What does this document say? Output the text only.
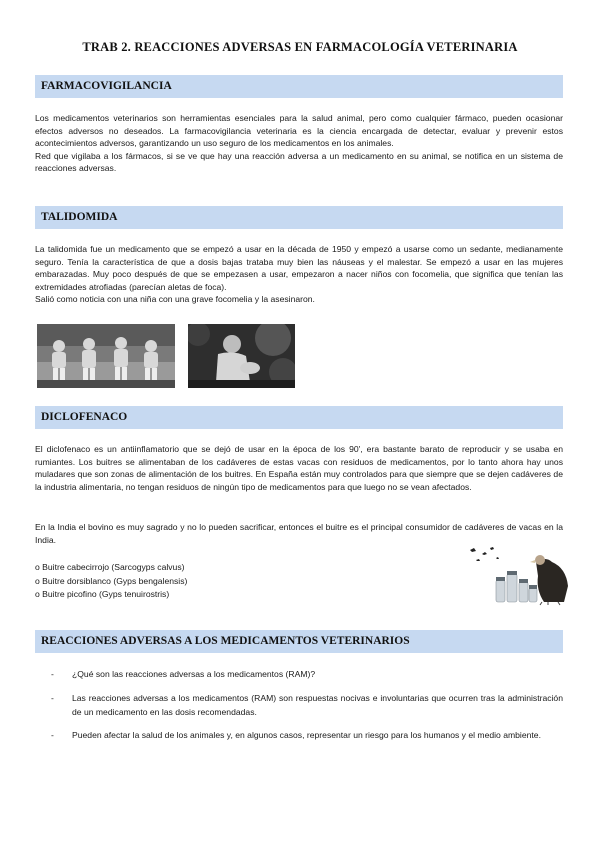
TRAB 2. REACCIONES ADVERSAS EN FARMACOLOGÍA VETERINARIA
FARMACOVIGILANCIA

Los medicamentos veterinarios son herramientas esenciales para la salud animal, pero como cualquier fármaco, pueden ocasionar efectos adversos no deseados. La farmacovigilancia veterinaria es la ciencia encargada de detectar, evaluar y prevenir estos acontecimientos adversos, garantizando un uso seguro de los medicamentos en los animales.

Red que vigilaba a los fármacos, si se ve que hay una reacción adversa a un medicamento en su animal, se notifica en un sistema de reacciones adversas.

TALIDOMIDA

La talidomida fue un medicamento que se empezó a usar en la década de 1950 y empezó a usarse como un sedante, medianamente seguro. Tenía la característica de que a dosis bajas trataba muy bien las náuseas y el malestar. Se empezó a usar en las mujeres embarazadas. Muy poco después de que se empezasen a usar, empezaron a nacer niños con focomelia, que significa que tenían las extremidades atrofiadas (parecían aletas de foca).

Salió como noticia con una niña con una grave focomelia y la asesinaron.

DICLOFENACO

El diclofenaco es un antiinflamatorio que se dejó de usar en la época de los 90', era bastante barato de reproducir y se usaba en rumiantes. Los buitres se alimentaban de los cadáveres de estas vacas con residuos de medicamentos, por lo tanto ahora hay unos muladares que son zonas de alimentación de los buitres. En España están muy controlados para que siempre que se dejen cadáveres de la industria alimentaria, no tengan residuos de ningún tipo de medicamentos para que luego no se vean afectados.

En la India el bovino es muy sagrado y no lo pueden sacrificar, entonces el buitre es el principal consumidor de cadáveres de vacas en la India.

o Buitre cabecirrojo (Sarcogyps calvus)
o Buitre dorsiblanco (Gyps bengalensis)
o Buitre picofino (Gyps tenuirostris)
REACCIONES ADVERSAS A LOS MEDICAMENTOS VETERINARIOS
- ¿Qué son las reacciones adversas a los medicamentos (RAM)?
- Las reacciones adversas a los medicamentos (RAM) son respuestas nocivas e involuntarias que ocurren tras la administración de un medicamento en las dosis recomendadas.
- Pueden afectar la salud de los animales y, en algunos casos, representar un riesgo para los humanos y el medio ambiente.
